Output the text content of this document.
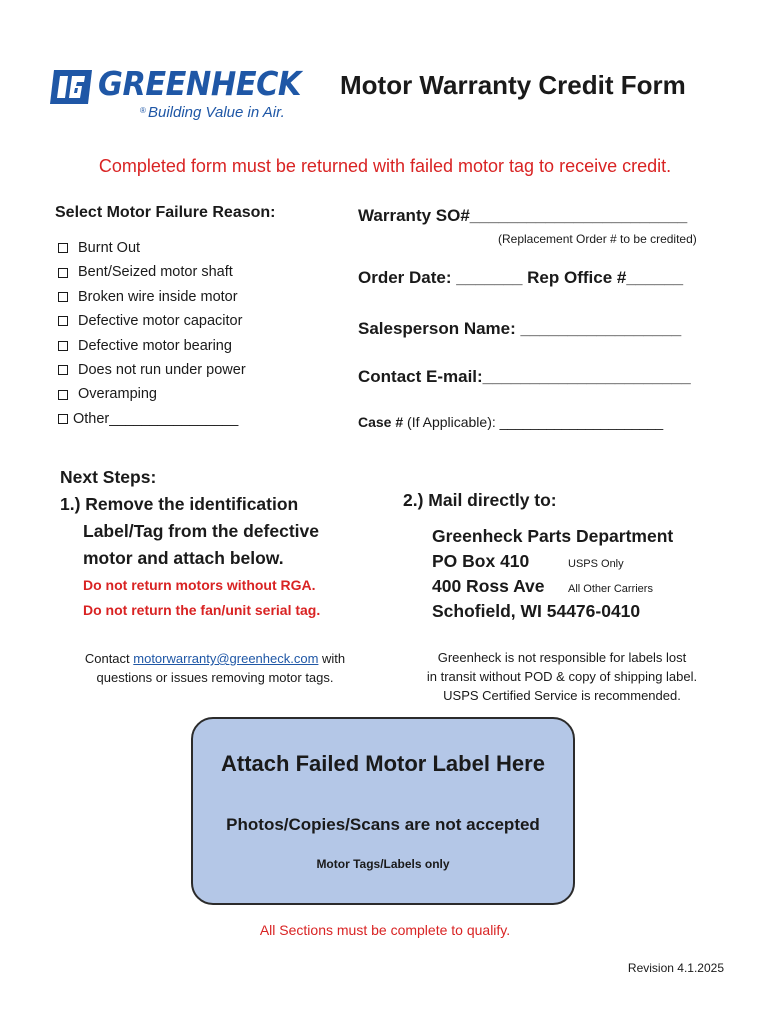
GREENHECK
® Building Value in Air.
Motor Warranty Credit Form
Completed form must be returned with failed motor tag to receive credit.
Select Motor Failure Reason:
Burnt Out
Bent/Seized motor shaft
Broken wire inside motor
Defective motor capacitor
Defective motor bearing
Does not run under power
Overamping
Other________________
Warranty SO#_______________________
(Replacement Order # to be credited)
Order Date: _______ Rep Office #______
Salesperson Name: _________________
Contact E-mail:______________________
Case # (If Applicable): _____________________
Next Steps:
1.) Remove the identification
Label/Tag from the defective
motor and attach below.
Do not return motors without RGA.
Do not return the fan/unit serial tag.
Contact motorwarranty@greenheck.com with
questions or issues removing motor tags.
2.) Mail directly to:
Greenheck Parts Department
PO Box 410	USPS Only
400 Ross Ave All Other Carriers
Schofield, WI 54476-0410
Greenheck is not responsible for labels lost
in transit without POD & copy of shipping label.
USPS Certified Service is recommended.
Attach Failed Motor Label Here
Photos/Copies/Scans are not accepted
Motor Tags/Labels only
All Sections must be complete to qualify.
Revision 4.1.2025
